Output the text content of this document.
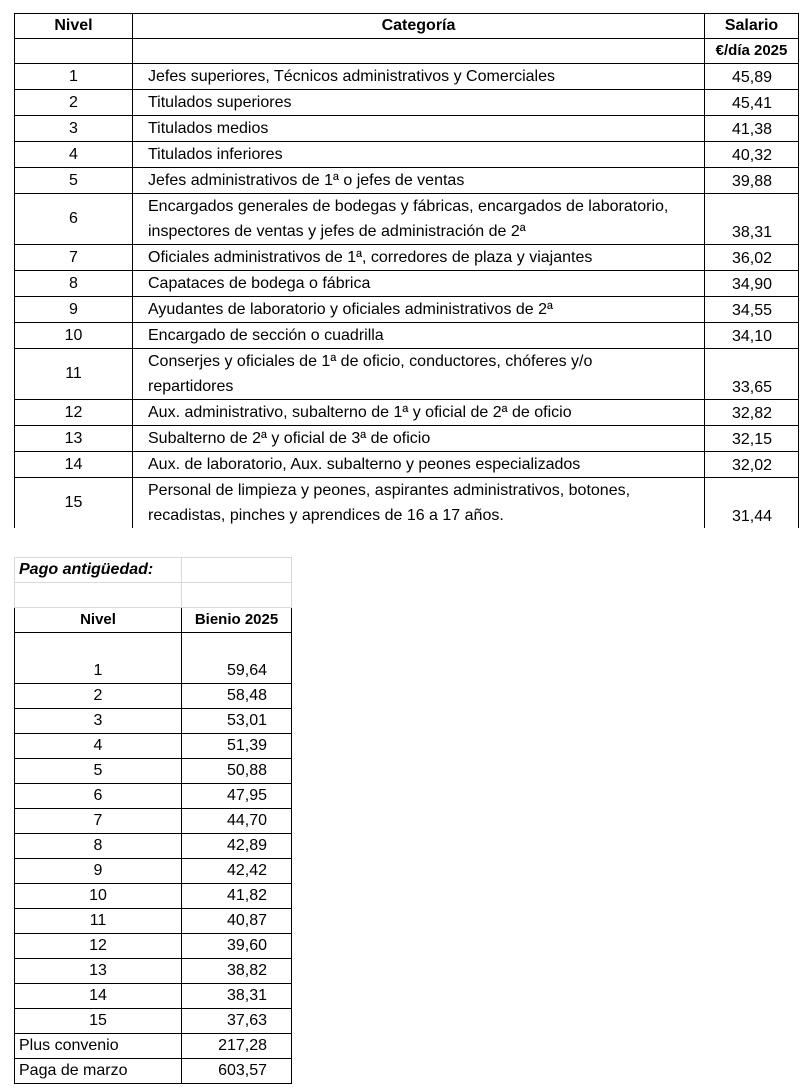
Nivel	Categoría	Salario
		€/día 2025
1	Jefes superiores, Técnicos administrativos y Comerciales	45,89
2	Titulados superiores	45,41
3	Titulados medios	41,38
4	Titulados inferiores	40,32
5	Jefes administrativos de 1ª o jefes de ventas	39,88
6	Encargados generales de bodegas y fábricas, encargados de laboratorio,
inspectores de ventas y jefes de administración de 2ª	38,31
7	Oficiales administrativos de 1ª, corredores de plaza y viajantes	36,02
8	Capataces de bodega o fábrica	34,90
9	Ayudantes de laboratorio y oficiales administrativos de 2ª	34,55
10	Encargado de sección o cuadrilla	34,10
11	Conserjes y oficiales de 1ª de oficio, conductores, chóferes y/o
repartidores	33,65
12	Aux. administrativo, subalterno de 1ª y oficial de 2ª de oficio	32,82
13	Subalterno de 2ª y oficial de 3ª de oficio	32,15
14	Aux. de laboratorio, Aux. subalterno y peones especializados	32,02
15	Personal de limpieza y peones, aspirantes administrativos, botones,
recadistas, pinches y aprendices de 16 a 17 años.	31,44
Pago antigüedad:	

Nivel	Bienio 2025

1	59,64
2	58,48
3	53,01
4	51,39
5	50,88
6	47,95
7	44,70
8	42,89
9	42,42
10	41,82
11	40,87
12	39,60
13	38,82
14	38,31
15	37,63
Plus convenio	217,28
Paga de marzo	603,57
